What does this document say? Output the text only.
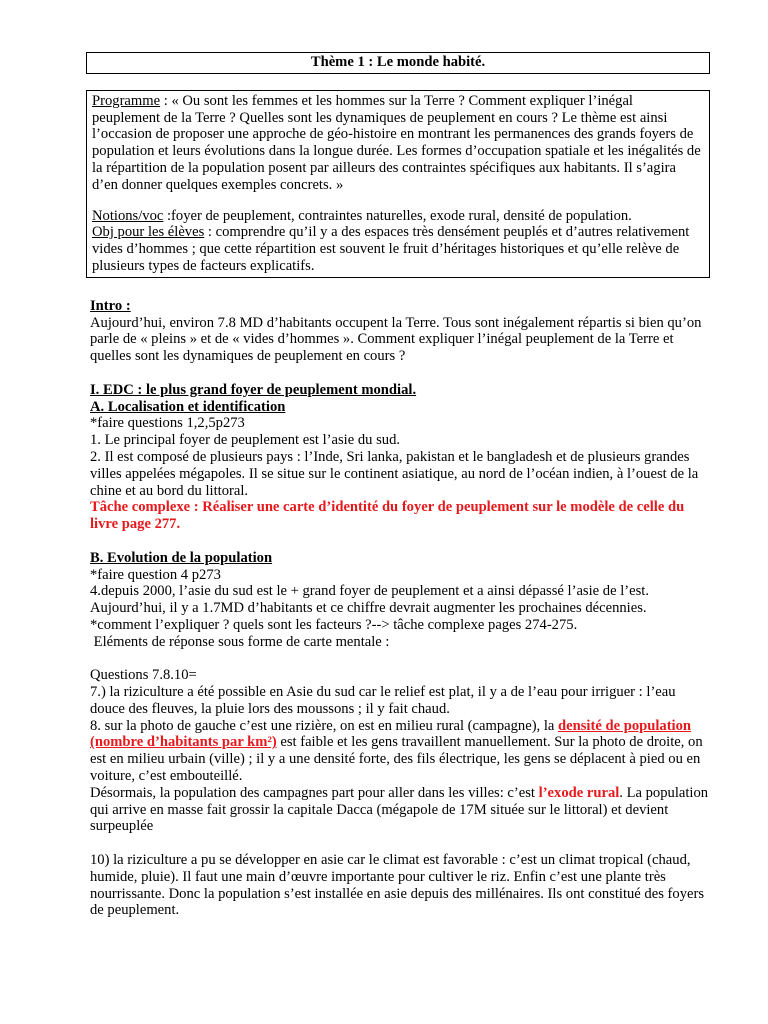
Thème 1 : Le monde habité.

Programme : « Ou sont les femmes et les hommes sur la Terre ? Comment expliquer l’inégal peuplement de la Terre ? Quelles sont les dynamiques de peuplement en cours ? Le thème est ainsi l’occasion de proposer une approche de géo-histoire en montrant les permanences des grands foyers de population et leurs évolutions dans la longue durée. Les formes d’occupation spatiale et les inégalités de la répartition de la population posent par ailleurs des contraintes spécifiques aux habitants. Il s’agira d’en donner quelques exemples concrets. »

Notions/voc :foyer de peuplement, contraintes naturelles, exode rural, densité de population.

Obj pour les élèves : comprendre qu’il y a des espaces très densément peuplés et d’autres relativement vides d’hommes ; que cette répartition est souvent le fruit d’héritages historiques et qu’elle relève de plusieurs types de facteurs explicatifs.

Intro :

Aujourd’hui, environ 7.8 MD d’habitants occupent la Terre. Tous sont inégalement répartis si bien qu’on parle de « pleins » et de « vides d’hommes ». Comment expliquer l’inégal peuplement de la Terre et quelles sont les dynamiques de peuplement en cours ?

I. EDC : le plus grand foyer de peuplement mondial.

A. Localisation et identification

*faire questions 1,2,5p273

1. Le principal foyer de peuplement est l’asie du sud.

2. Il est composé de plusieurs pays : l’Inde, Sri lanka, pakistan et le bangladesh et de plusieurs grandes villes appelées mégapoles. Il se situe sur le continent asiatique, au nord de l’océan indien, à l’ouest de la chine et au bord du littoral.

Tâche complexe : Réaliser une carte d’identité du foyer de peuplement sur le modèle de celle du livre page 277.

B. Evolution de la population

*faire question 4 p273

4.depuis 2000, l’asie du sud est le + grand foyer de peuplement et a ainsi dépassé l’asie de l’est. Aujourd’hui, il y a 1.7MD d’habitants et ce chiffre devrait augmenter les prochaines décennies.

*comment l’expliquer ? quels sont les facteurs ?--> tâche complexe pages 274-275.

Eléments de réponse sous forme de carte mentale :

Questions 7.8.10=

7.) la riziculture a été possible en Asie du sud car le relief est plat, il y a de l’eau pour irriguer : l’eau douce des fleuves, la pluie lors des moussons ; il y fait chaud.

8. sur la photo de gauche c’est une rizière, on est en milieu rural (campagne), la densité de population (nombre d’habitants par km²) est faible et les gens travaillent manuellement. Sur la photo de droite, on est en milieu urbain (ville) ; il y a une densité forte, des fils électrique, les gens se déplacent à pied ou en voiture, c’est embouteillé.

Désormais, la population des campagnes part pour aller dans les villes: c’est l’exode rural. La population qui arrive en masse fait grossir la capitale Dacca (mégapole de 17M située sur le littoral) et devient surpeuplée

10) la riziculture a pu se développer en asie car le climat est favorable : c’est un climat tropical (chaud, humide, pluie). Il faut une main d’œuvre importante pour cultiver le riz. Enfin c’est une plante très nourrissante. Donc la population s’est installée en asie depuis des millénaires. Ils ont constitué des foyers de peuplement.
